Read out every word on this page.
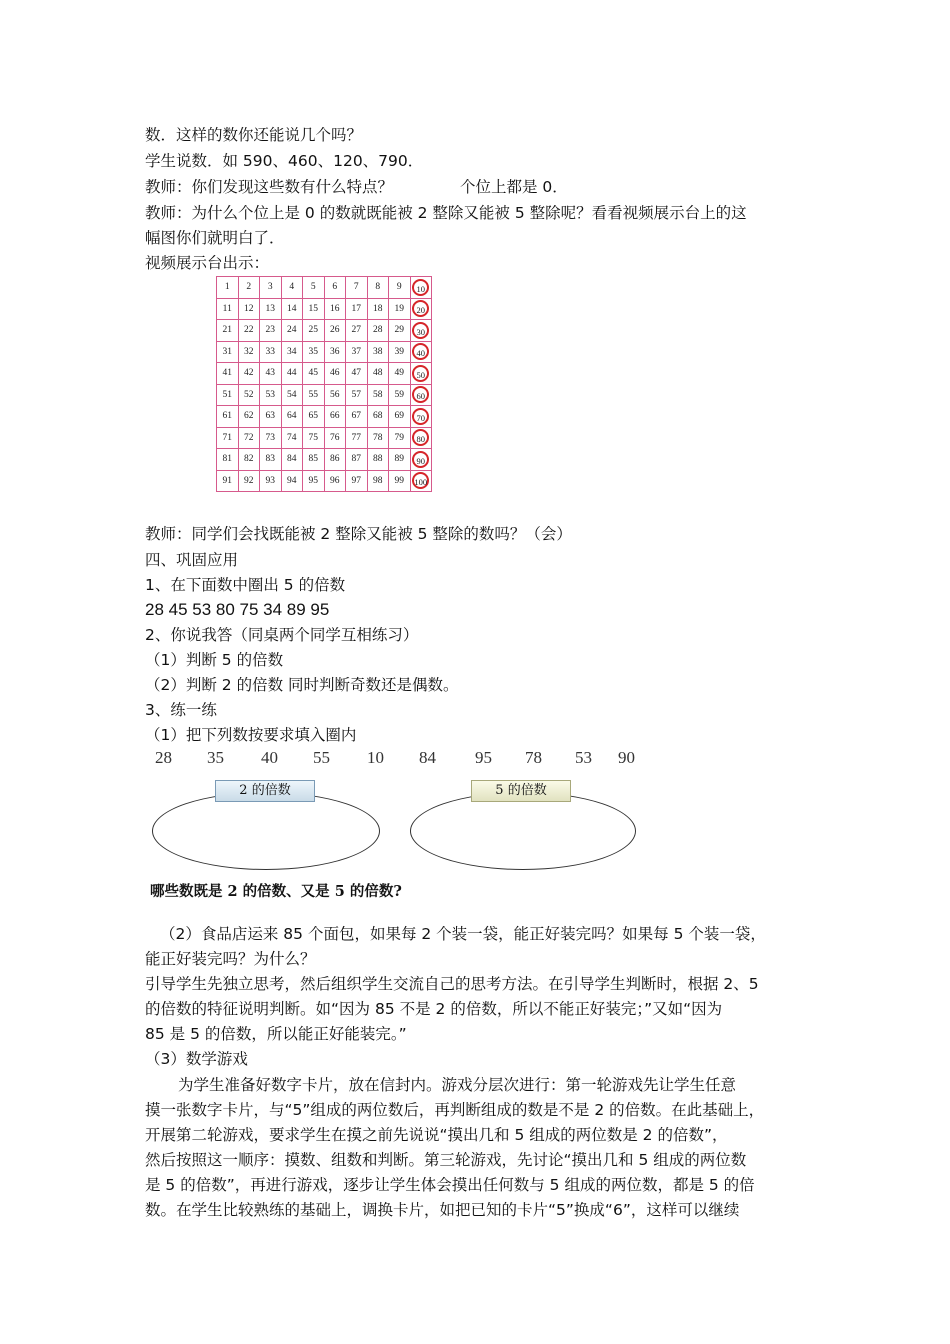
数．这样的数你还能说几个吗？
学生说数．如 590、460、120、790．
教师：你们发现这些数有什么特点？	个位上都是 0．
教师：为什么个位上是 0 的数就既能被 2 整除又能被 5 整除呢？看看视频展示台上的这
幅图你们就明白了．
视频展示台出示：
1	2	3	4	5	6	7	8	9	10
11	12	13	14	15	16	17	18	19	20
21	22	23	24	25	26	27	28	29	30
31	32	33	34	35	36	37	38	39	40
41	42	43	44	45	46	47	48	49	50
51	52	53	54	55	56	57	58	59	60
61	62	63	64	65	66	67	68	69	70
71	72	73	74	75	76	77	78	79	80
81	82	83	84	85	86	87	88	89	90
91	92	93	94	95	96	97	98	99	100
教师：同学们会找既能被 2 整除又能被 5 整除的数吗？（会）
四、巩固应用
1、在下面数中圈出 5 的倍数
28 45 53 80 75 34 89 95
2、你说我答（同桌两个同学互相练习）
（1）判断 5 的倍数
（2）判断 2 的倍数 同时判断奇数还是偶数。
3、练一练
（1）把下列数按要求填入圈内
28 35 40 55 10 84 95 78 53 90
2 的倍数	5 的倍数
哪些数既是 2 的倍数、又是 5 的倍数?
（2）食品店运来 85 个面包，如果每 2 个装一袋，能正好装完吗？如果每 5 个装一袋，
能正好装完吗？为什么？
引导学生先独立思考，然后组织学生交流自己的思考方法。在引导学生判断时，根据 2、5
的倍数的特征说明判断。如“因为 85 不是 2 的倍数，所以不能正好装完；”又如“因为
85 是 5 的倍数，所以能正好能装完。”
（3）数学游戏
为学生准备好数字卡片，放在信封内。游戏分层次进行：第一轮游戏先让学生任意
摸一张数字卡片，与“5”组成的两位数后，再判断组成的数是不是 2 的倍数。在此基础上，
开展第二轮游戏，要求学生在摸之前先说说“摸出几和 5 组成的两位数是 2 的倍数”，
然后按照这一顺序：摸数、组数和判断。第三轮游戏，先讨论“摸出几和 5 组成的两位数
是 5 的倍数”，再进行游戏，逐步让学生体会摸出任何数与 5 组成的两位数，都是 5 的倍
数。在学生比较熟练的基础上，调换卡片，如把已知的卡片“5”换成“6”，这样可以继续
